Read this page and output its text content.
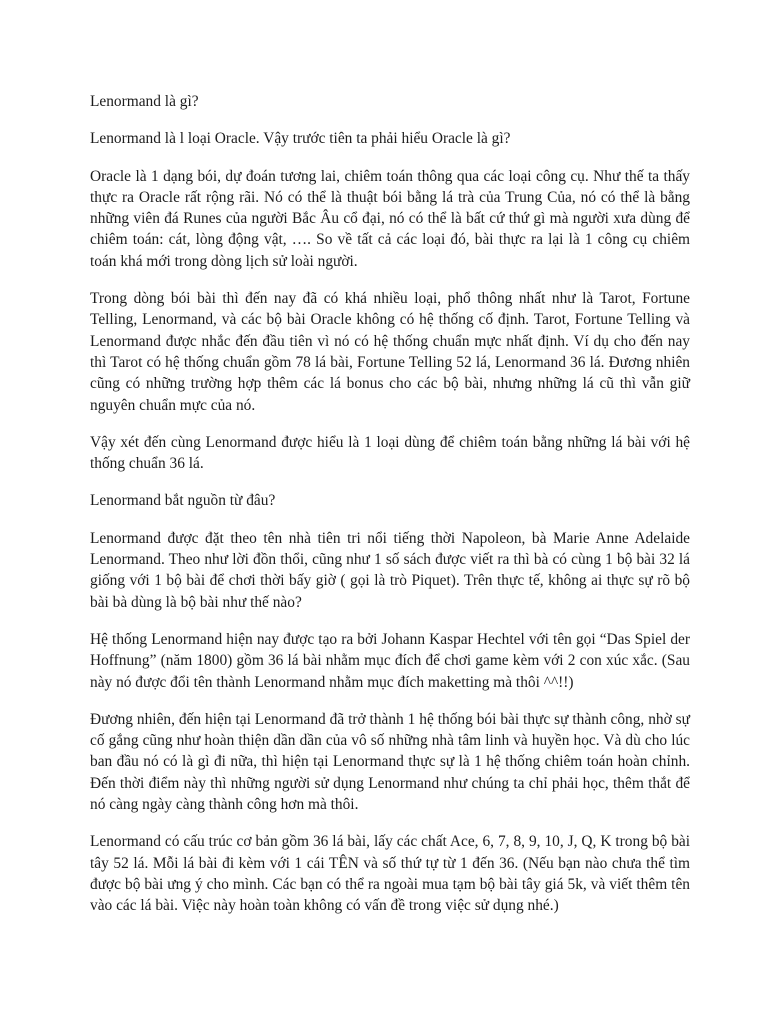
Lenormand là gì?

Lenormand là l loại Oracle. Vậy trước tiên ta phải hiểu Oracle là gì?

Oracle là 1 dạng bói, dự đoán tương lai, chiêm toán thông qua các loại công cụ. Như thế ta thấy thực ra Oracle rất rộng rãi. Nó có thể là thuật bói bằng lá trà của Trung Của, nó có thể là bằng những viên đá Runes của người Bắc Âu cổ đại, nó có thể là bất cứ thứ gì mà người xưa dùng để chiêm toán: cát, lòng động vật, …. So về tất cả các loại đó, bài thực ra lại là 1 công cụ chiêm toán khá mới trong dòng lịch sử loài người.

Trong dòng bói bài thì đến nay đã có khá nhiều loại, phổ thông nhất như là Tarot, Fortune Telling, Lenormand, và các bộ bài Oracle không có hệ thống cố định. Tarot, Fortune Telling và Lenormand được nhắc đến đầu tiên vì nó có hệ thống chuẩn mực nhất định. Ví dụ cho đến nay thì Tarot có hệ thống chuẩn gồm 78 lá bài, Fortune Telling 52 lá, Lenormand 36 lá. Đương nhiên cũng có những trường hợp thêm các lá bonus cho các bộ bài, nhưng những lá cũ thì vẫn giữ nguyên chuẩn mực của nó.

Vậy xét đến cùng Lenormand được hiểu là 1 loại dùng để chiêm toán bằng những lá bài với hệ thống chuẩn 36 lá.

Lenormand bắt nguồn từ đâu?

Lenormand được đặt theo tên nhà tiên tri nổi tiếng thời Napoleon, bà Marie Anne Adelaide Lenormand. Theo như lời đồn thổi, cũng như 1 số sách được viết ra thì bà có cùng 1 bộ bài 32 lá giống với 1 bộ bài để chơi thời bấy giờ ( gọi là trò Piquet). Trên thực tế, không ai thực sự rõ bộ bài bà dùng là bộ bài như thế nào?

Hệ thống Lenormand hiện nay được tạo ra bởi Johann Kaspar Hechtel với tên gọi “Das Spiel der Hoffnung” (năm 1800) gồm 36 lá bài nhằm mục đích để chơi game kèm với 2 con xúc xắc. (Sau này nó được đổi tên thành Lenormand nhằm mục đích maketting mà thôi ^^!!)

Đương nhiên, đến hiện tại Lenormand đã trở thành 1 hệ thống bói bài thực sự thành công, nhờ sự cố gắng cũng như hoàn thiện dần dần của vô số những nhà tâm linh và huyền học. Và dù cho lúc ban đầu nó có là gì đi nữa, thì hiện tại Lenormand thực sự là 1 hệ thống chiêm toán hoàn chỉnh. Đến thời điểm này thì những người sử dụng Lenormand như chúng ta chỉ phải học, thêm thắt để nó càng ngày càng thành công hơn mà thôi.

Lenormand có cấu trúc cơ bản gồm 36 lá bài, lấy các chất Ace, 6, 7, 8, 9, 10, J, Q, K trong bộ bài tây 52 lá. Mỗi lá bài đi kèm với 1 cái TÊN và số thứ tự từ 1 đến 36. (Nếu bạn nào chưa thể tìm được bộ bài ưng ý cho mình. Các bạn có thể ra ngoài mua tạm bộ bài tây giá 5k, và viết thêm tên vào các lá bài. Việc này hoàn toàn không có vấn đề trong việc sử dụng nhé.)
